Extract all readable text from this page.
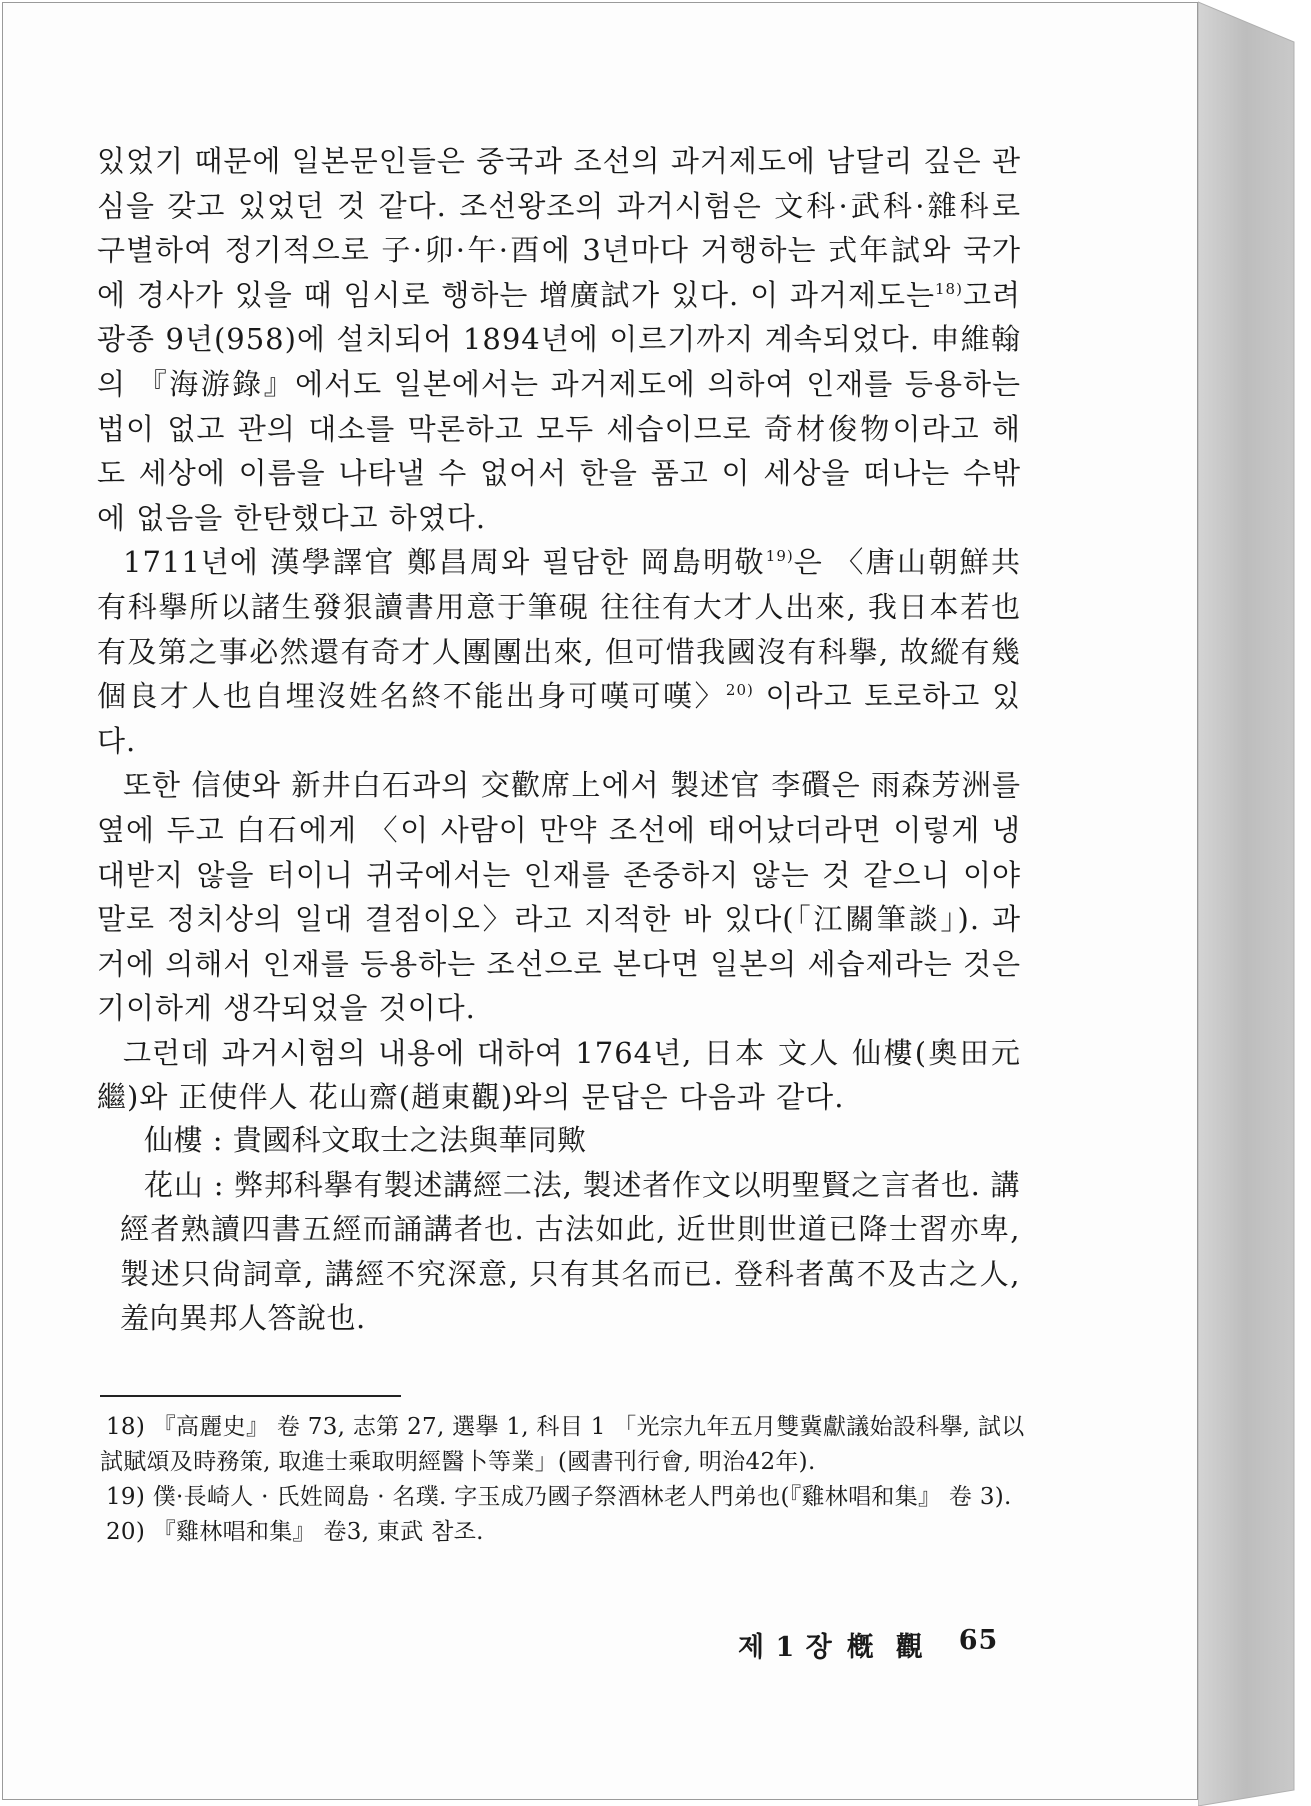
있었기 때문에 일본문인들은 중국과 조선의 과거제도에 남달리 깊은 관심을 갖고 있었던 것 같다. 조선왕조의 과거시험은 文科·武科·雜科로 구별하여 정기적으로 子·卯·午·酉에 3년마다 거행하는 式年試와 국가에 경사가 있을 때 임시로 행하는 增廣試가 있다. 이 과거제도는$^{18)}$고려 광종 9년(958)에 설치되어 1894년에 이르기까지 계속되었다. 申維翰의 『海游錄』에서도 일본에서는 과거제도에 의하여 인재를 등용하는 법이 없고 관의 대소를 막론하고 모두 세습이므로 奇材俊物이라고 해도 세상에 이름을 나타낼 수 없어서 한을 품고 이 세상을 떠나는 수밖에 없음을 한탄했다고 하였다.

1711년에 漢學譯官 鄭昌周와 필담한 岡島明敬$^{19)}$은 〈唐山朝鮮共有科擧所以諸生發狠讀書用意于筆硯 往往有大才人出來, 我日本若也有及第之事必然還有奇才人團團出來, 但可惜我國沒有科擧, 故縱有幾個良才人也自埋沒姓名終不能出身可嘆可嘆〉$^{20)}$ 이라고 토로하고 있다.

또한 信使와 新井白石과의 交歡席上에서 製述官 李礥은 雨森芳洲를 옆에 두고 白石에게 〈이 사람이 만약 조선에 태어났더라면 이렇게 냉대받지 않을 터이니 귀국에서는 인재를 존중하지 않는 것 같으니 이야말로 정치상의 일대 결점이오〉라고 지적한 바 있다(「江關筆談」). 과거에 의해서 인재를 등용하는 조선으로 본다면 일본의 세습제라는 것은 기이하게 생각되었을 것이다.

그런데 과거시험의 내용에 대하여 1764년, 日本 文人 仙樓(奧田元繼)와 正使伴人 花山齋(趙東觀)와의 문답은 다음과 같다.

仙樓 : 貴國科文取士之法與華同歟

花山 : 弊邦科擧有製述講經二法, 製述者作文以明聖賢之言者也. 講經者熟讀四書五經而誦講者也. 古法如此, 近世則世道已降士習亦卑, 製述只尙詞章, 講經不究深意, 只有其名而已. 登科者萬不及古之人, 羞向異邦人答說也.

18) 『高麗史』 卷 73, 志第 27, 選擧 1, 科目 1 「光宗九年五月雙冀獻議始設科擧, 試以試賦頌及時務策, 取進士乘取明經醫卜等業」(國書刊行會, 明治42年).

19) 僕·長崎人 · 氏姓岡島 · 名璞. 字玉成乃國子祭酒林老人門弟也(『雞林唱和集』 卷 3).

20) 『雞林唱和集』 卷3, 東武 참조.

제 1 장 槪觀 65
